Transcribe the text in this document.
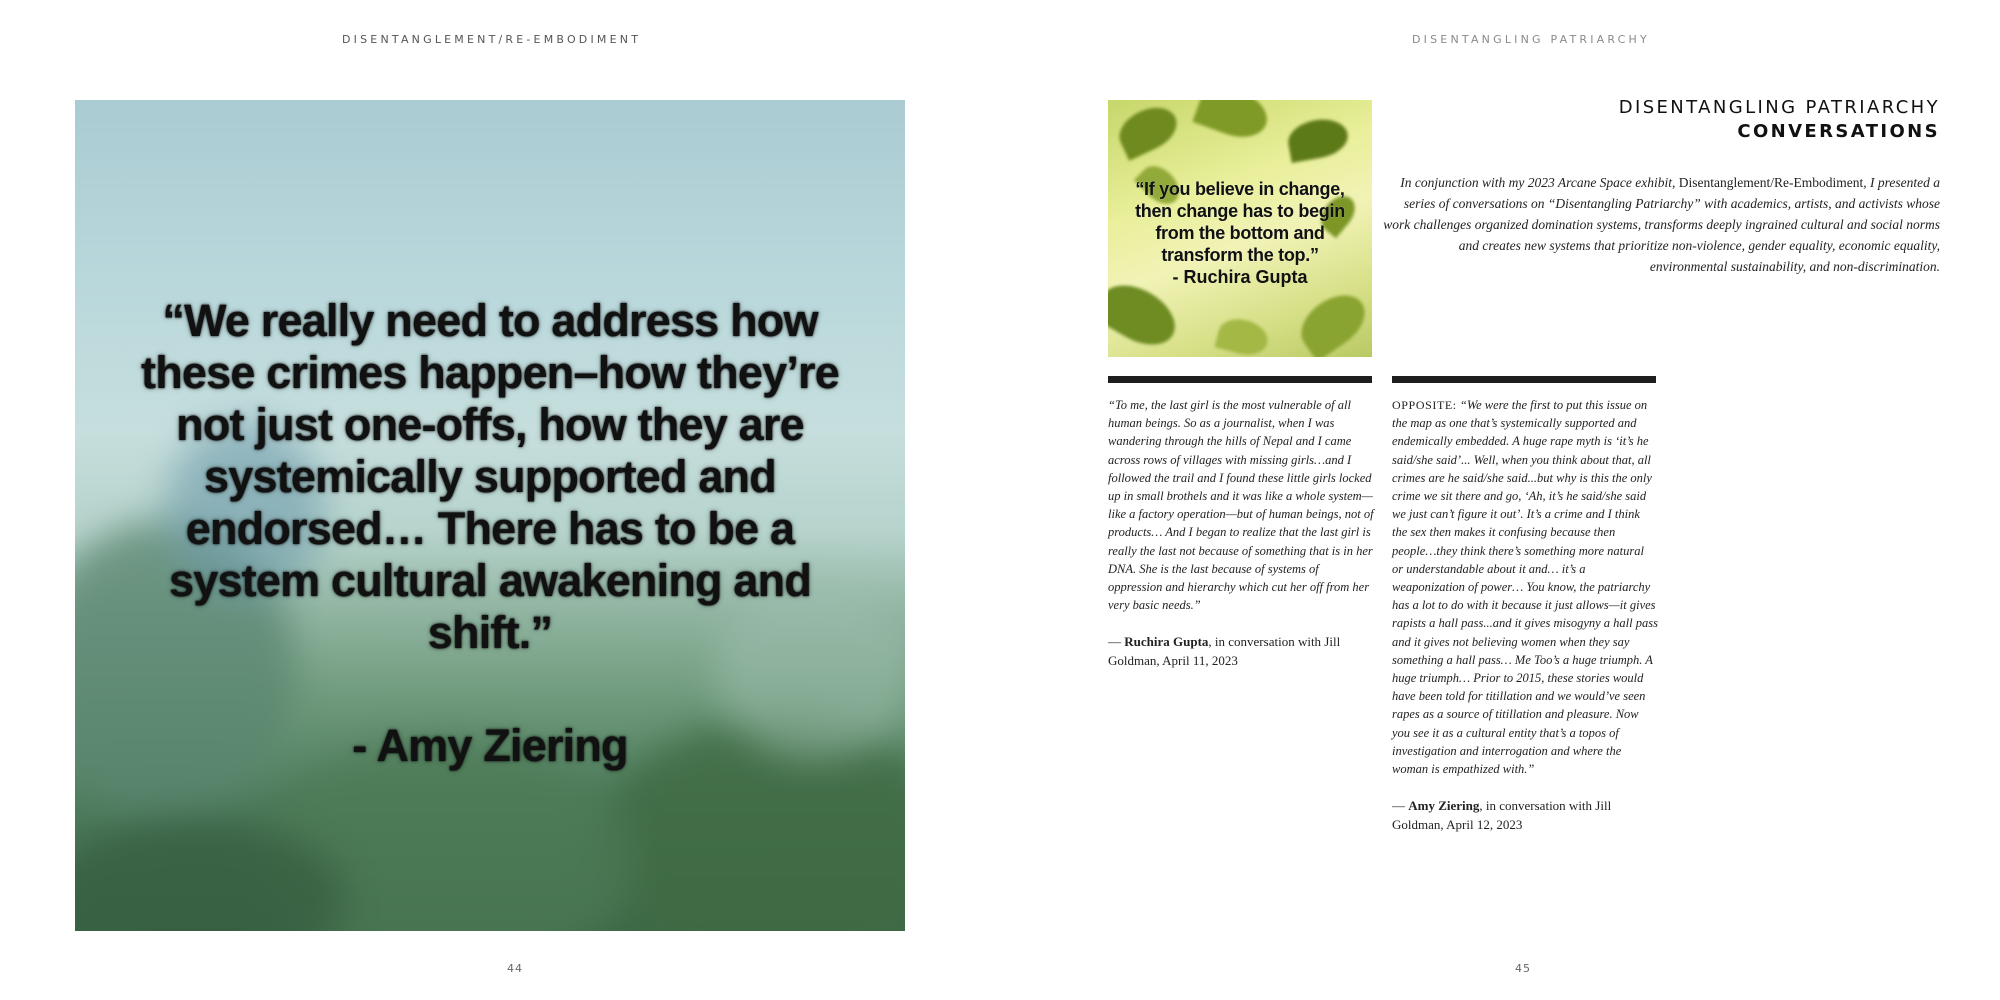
DISENTANGLEMENT/RE-EMBODIMENT	DISENTANGLING PATRIARCHY
“We really need to address how these crimes happen–how they’re not just one-offs, how they are systemically supported and endorsed… There has to be a system cultural awakening and shift.”
- Amy Ziering
“If you believe in change, then change has to begin from the bottom and transform the top.”
- Ruchira Gupta
DISENTANGLING PATRIARCHY
CONVERSATIONS

In conjunction with my 2023 Arcane Space exhibit, Disentanglement/Re-Embodiment, I presented a series of conversations on “Disentangling Patriarchy” with academics, artists, and activists whose work challenges organized domination systems, transforms deeply ingrained cultural and social norms and creates new systems that prioritize non-violence, gender equality, economic equality, environmental sustainability, and non-discrimination.

“To me, the last girl is the most vulnerable of all human beings. So as a journalist, when I was wandering through the hills of Nepal and I came across rows of villages with missing girls…and I followed the trail and I found these little girls locked up in small brothels and it was like a whole system—like a factory operation—but of human beings, not of products… And I began to realize that the last girl is really the last not because of something that is in her DNA. She is the last because of systems of oppression and hierarchy which cut her off from her very basic needs.”

— Ruchira Gupta, in conversation with Jill Goldman, April 11, 2023

OPPOSITE: “We were the first to put this issue on the map as one that’s systemically supported and endemically embedded. A huge rape myth is ‘it’s he said/she said’... Well, when you think about that, all crimes are he said/she said...but why is this the only crime we sit there and go, ‘Ah, it’s he said/she said we just can’t figure it out’. It’s a crime and I think the sex then makes it confusing because then people…they think there’s something more natural or understandable about it and… it’s a weaponization of power… You know, the patriarchy has a lot to do with it because it just allows—it gives rapists a hall pass...and it gives misogyny a hall pass and it gives not believing women when they say something a hall pass… Me Too’s a huge triumph. A huge triumph… Prior to 2015, these stories would have been told for titillation and we would’ve seen rapes as a source of titillation and pleasure. Now you see it as a cultural entity that’s a topos of investigation and interrogation and where the woman is empathized with.”

— Amy Ziering, in conversation with Jill Goldman, April 12, 2023

44	45
